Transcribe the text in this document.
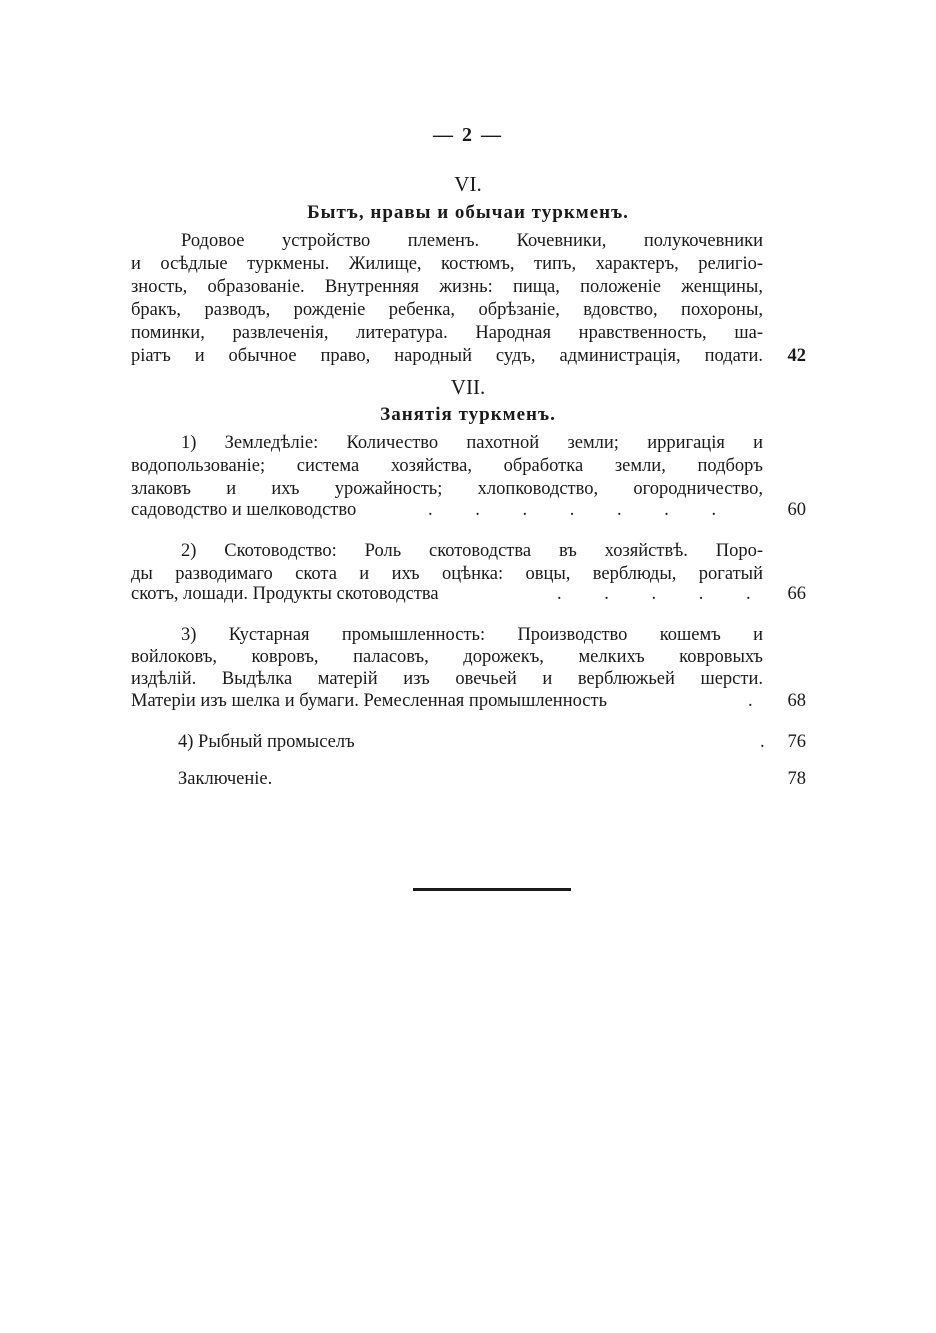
— 2 —
VI.
Бытъ, нравы и обычаи туркменъ.
Родовое устройство племенъ. Кочевники, полукочевники
и осѣдлые туркмены. Жилище, костюмъ, типъ, характеръ, религіо-
зность, образованіе. Внутренняя жизнь: пища, положеніе женщины,
бракъ, разводъ, рожденіе ребенка, обрѣзаніе, вдовство, похороны,
поминки, развлеченія, литература. Народная нравственность, ша-
ріатъ и обычное право, народный судъ, администрація, подати.	42
VII.
Занятія туркменъ.
1) Земледѣліе: Количество пахотной земли; ирригація и
водопользованіе; система хозяйства, обработка земли, подборъ
злаковъ и ихъ урожайность; хлопководство, огородничество,
садоводство и шелководство	. . . . . . .	60
2) Скотоводство: Роль скотоводства въ хозяйствѣ. Поро-
ды разводимаго скота и ихъ оцѣнка: овцы, верблюды, рогатый
скотъ, лошади. Продукты скотоводства	. . . . .	66
3) Кустарная промышленность: Производство кошемъ и
войлоковъ, ковровъ, паласовъ, дорожекъ, мелкихъ ковровыхъ
издѣлій. Выдѣлка матерій изъ овечьей и верблюжьей шерсти.
Матеріи изъ шелка и бумаги. Ремесленная промышленность	.	68
4) Рыбный промыселъ	.	76
Заключеніе.	78
